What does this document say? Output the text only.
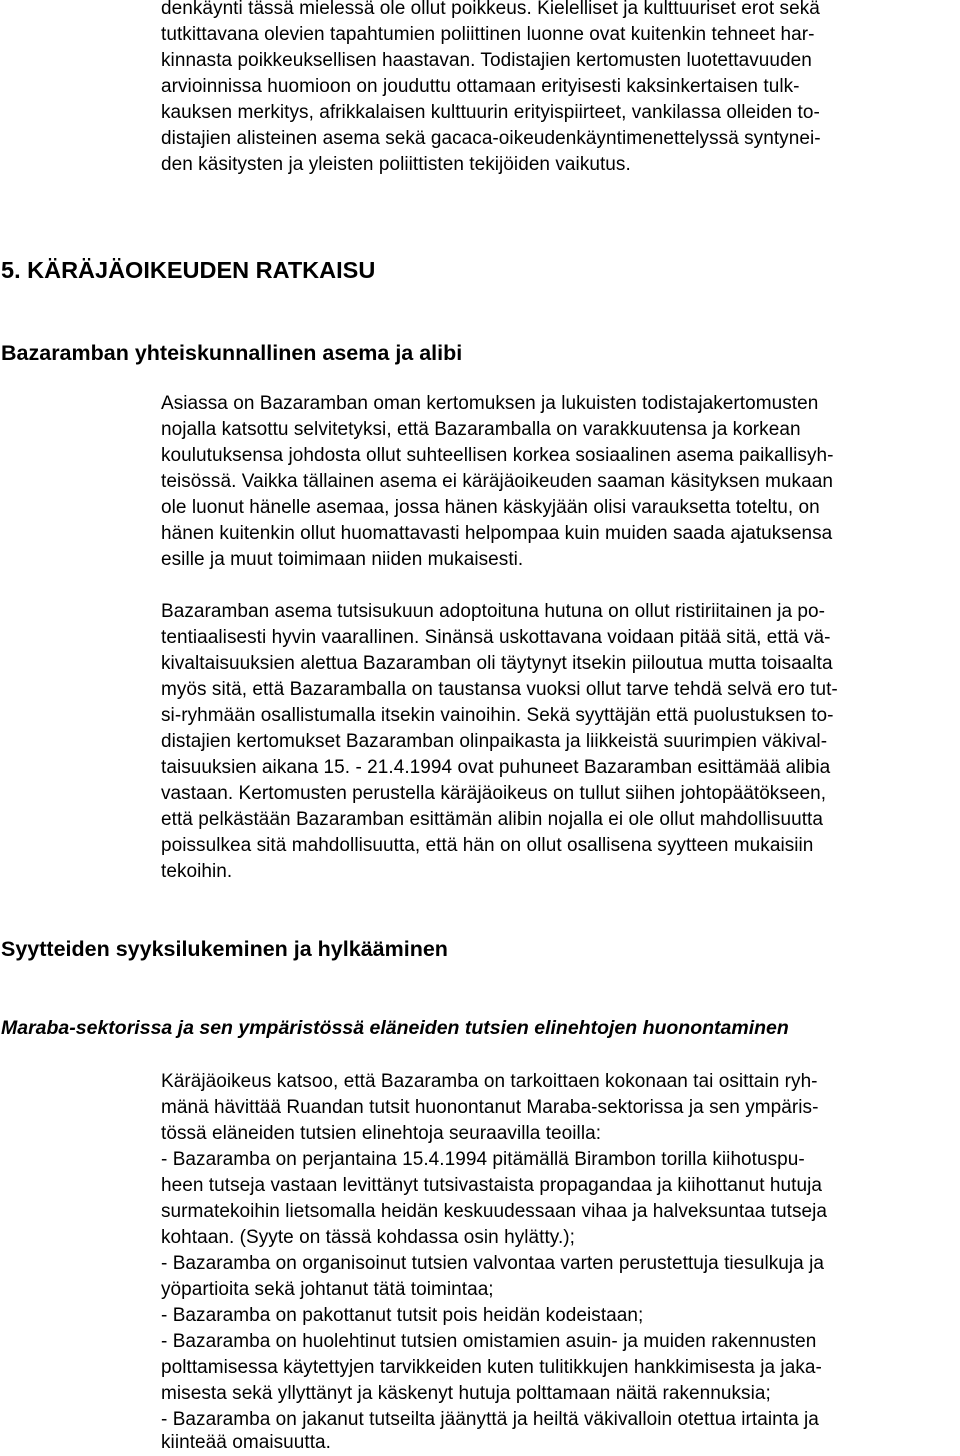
denkäynti tässä mielessä ole ollut poikkeus. Kielelliset ja kulttuuriset erot sekä

tutkittavana olevien tapahtumien poliittinen luonne ovat kuitenkin tehneet har-

kinnasta poikkeuksellisen haastavan. Todistajien kertomusten luotettavuuden

arvioinnissa huomioon on jouduttu ottamaan erityisesti kaksinkertaisen tulk-

kauksen merkitys, afrikkalaisen kulttuurin erityispiirteet, vankilassa olleiden to-

distajien alisteinen asema sekä gacaca-oikeudenkäyntimenettelyssä syntynei-

den käsitysten ja yleisten poliittisten tekijöiden vaikutus.

5. KÄRÄJÄOIKEUDEN RATKAISU
Bazaramban yhteiskunnallinen asema ja alibi

Asiassa on Bazaramban oman kertomuksen ja lukuisten todistajakertomusten

nojalla katsottu selvitetyksi, että Bazaramballa on varakkuutensa ja korkean

koulutuksensa johdosta ollut suhteellisen korkea sosiaalinen asema paikallisyh-

teisössä. Vaikka tällainen asema ei käräjäoikeuden saaman käsityksen mukaan

ole luonut hänelle asemaa, jossa hänen käskyjään olisi varauksetta toteltu, on

hänen kuitenkin ollut huomattavasti helpompaa kuin muiden saada ajatuksensa

esille ja muut toimimaan niiden mukaisesti.

Bazaramban asema tutsisukuun adoptoituna hutuna on ollut ristiriitainen ja po-

tentiaalisesti hyvin vaarallinen. Sinänsä uskottavana voidaan pitää sitä, että vä-

kivaltaisuuksien alettua Bazaramban oli täytynyt itsekin piiloutua mutta toisaalta

myös sitä, että Bazaramballa on taustansa vuoksi ollut tarve tehdä selvä ero tut-

si-ryhmään osallistumalla itsekin vainoihin. Sekä syyttäjän että puolustuksen to-

distajien kertomukset Bazaramban olinpaikasta ja liikkeistä suurimpien väkival-

taisuuksien aikana 15. - 21.4.1994 ovat puhuneet Bazaramban esittämää alibia

vastaan. Kertomusten perustella käräjäoikeus on tullut siihen johtopäätökseen,

että pelkästään Bazaramban esittämän alibin nojalla ei ole ollut mahdollisuutta

poissulkea sitä mahdollisuutta, että hän on ollut osallisena syytteen mukaisiin

tekoihin.

Syytteiden syyksilukeminen ja hylkääminen
Maraba-sektorissa ja sen ympäristössä eläneiden tutsien elinehtojen huonontaminen

Käräjäoikeus katsoo, että Bazaramba on tarkoittaen kokonaan tai osittain ryh-

mänä hävittää Ruandan tutsit huonontanut Maraba-sektorissa ja sen ympäris-

tössä eläneiden tutsien elinehtoja seuraavilla teoilla:

- Bazaramba on perjantaina 15.4.1994 pitämällä Birambon torilla kiihotuspu-

heen tutseja vastaan levittänyt tutsivastaista propagandaa ja kiihottanut hutuja

surmatekoihin lietsomalla heidän keskuudessaan vihaa ja halveksuntaa tutseja

kohtaan. (Syyte on tässä kohdassa osin hylätty.);

- Bazaramba on organisoinut tutsien valvontaa varten perustettuja tiesulkuja ja

yöpartioita sekä johtanut tätä toimintaa;

- Bazaramba on pakottanut tutsit pois heidän kodeistaan;

- Bazaramba on huolehtinut tutsien omistamien asuin- ja muiden rakennusten

polttamisessa käytettyjen tarvikkeiden kuten tulitikkujen hankkimisesta ja jaka-

misesta sekä yllyttänyt ja käskenyt hutuja polttamaan näitä rakennuksia;

- Bazaramba on jakanut tutseilta jäänyttä ja heiltä väkivalloin otettua irtainta ja

kiinteää omaisuutta.
